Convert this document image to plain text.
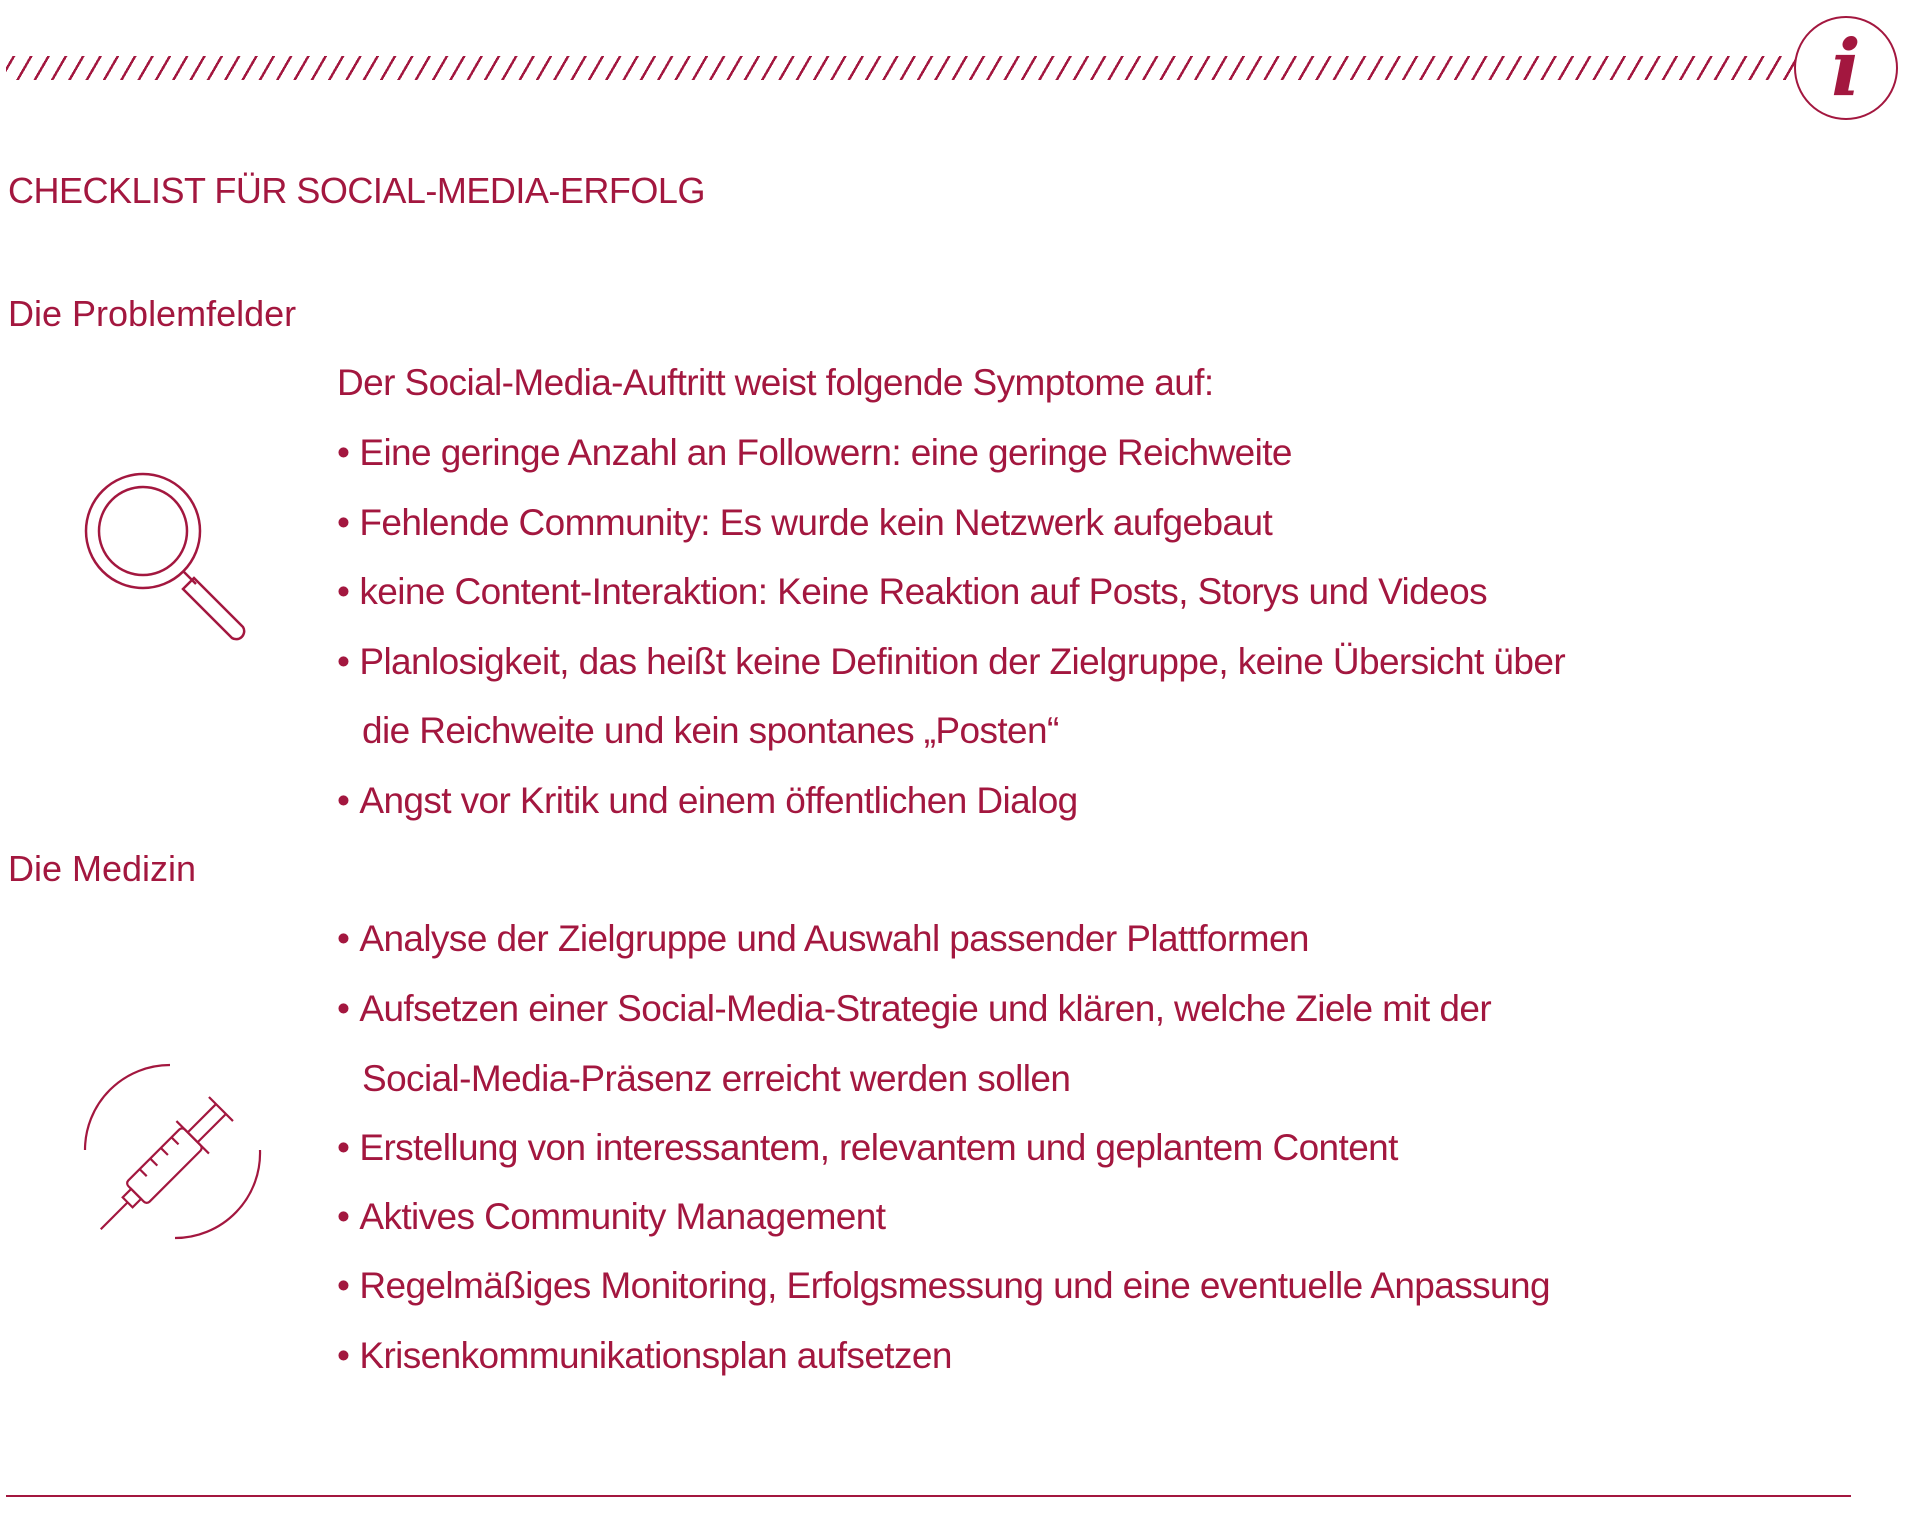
i
CHECKLIST FÜR SOCIAL-MEDIA-ERFOLG
Die Problemfelder
Der Social-Media-Auftritt weist folgende Symptome auf:
• Eine geringe Anzahl an Followern: eine geringe Reichweite
• Fehlende Community: Es wurde kein Netzwerk aufgebaut
• keine Content-Interaktion: Keine Reaktion auf Posts, Storys und Videos
• Planlosigkeit, das heißt keine Definition der Zielgruppe, keine Übersicht über
die Reichweite und kein spontanes „Posten“
• Angst vor Kritik und einem öffentlichen Dialog
Die Medizin
• Analyse der Zielgruppe und Auswahl passender Plattformen
• Aufsetzen einer Social-Media-Strategie und klären, welche Ziele mit der
Social-Media-Präsenz erreicht werden sollen
• Erstellung von interessantem, relevantem und geplantem Content
• Aktives Community Management
• Regelmäßiges Monitoring, Erfolgsmessung und eine eventuelle Anpassung
• Krisenkommunikationsplan aufsetzen
